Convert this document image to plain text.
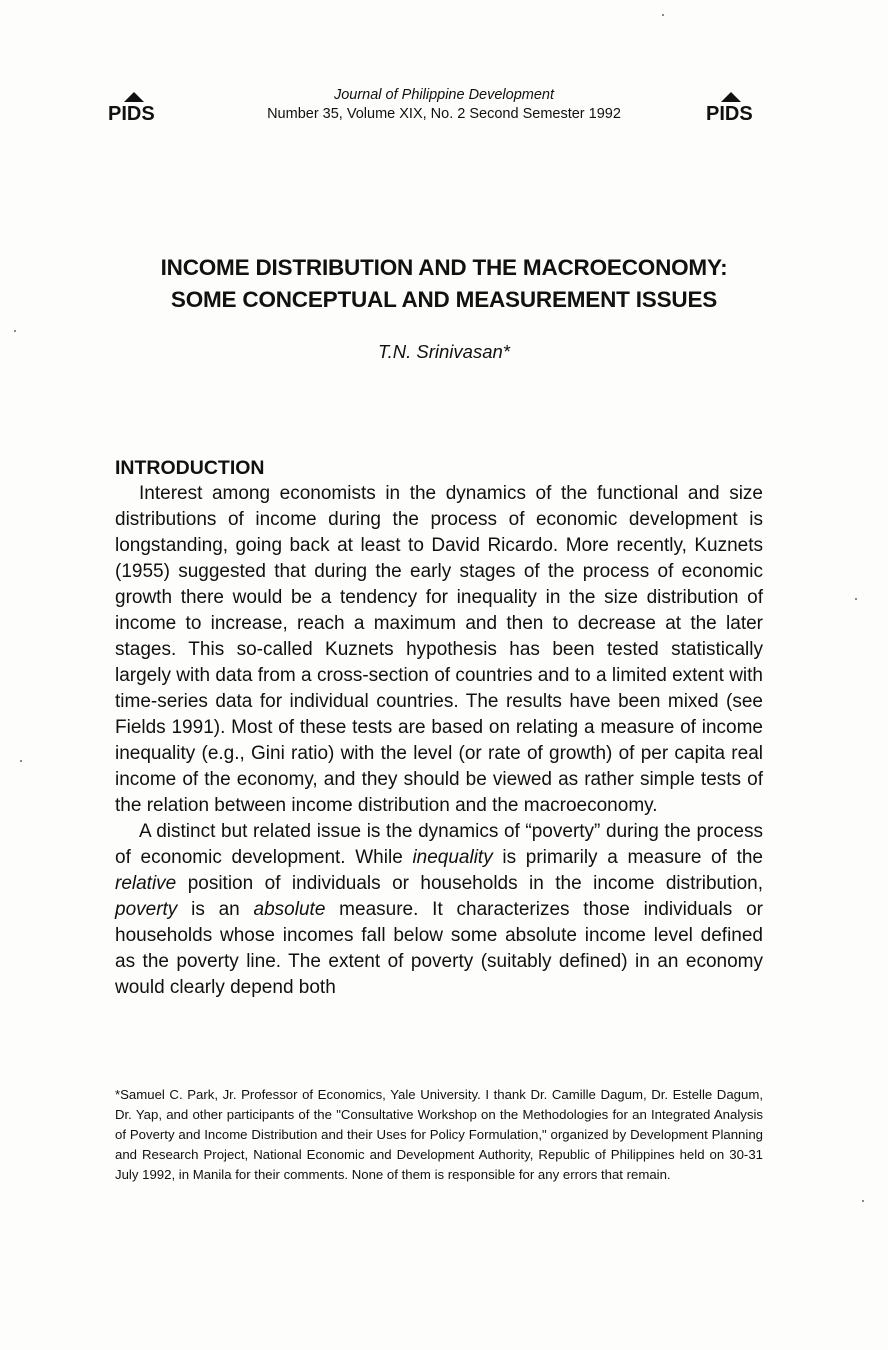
PIDS
Journal of Philippine Development
Number 35, Volume XIX, No. 2 Second Semester 1992	PIDS
INCOME DISTRIBUTION AND THE MACROECONOMY:
SOME CONCEPTUAL AND MEASUREMENT ISSUES
T.N. Srinivasan*
INTRODUCTION

Interest among economists in the dynamics of the functional and size distributions of income during the process of economic development is longstanding, going back at least to David Ricardo. More recently, Kuznets (1955) suggested that during the early stages of the process of economic growth there would be a tendency for inequality in the size distribution of income to increase, reach a maximum and then to decrease at the later stages. This so-called Kuznets hypothesis has been tested statistically largely with data from a cross-section of countries and to a limited extent with time-series data for individual countries. The results have been mixed (see Fields 1991). Most of these tests are based on relating a measure of income inequality (e.g., Gini ratio) with the level (or rate of growth) of per capita real income of the economy, and they should be viewed as rather simple tests of the relation between income distribution and the macroeconomy.

A distinct but related issue is the dynamics of “poverty” during the process of economic development. While inequality is primarily a measure of the relative position of individuals or households in the income distribution, poverty is an absolute measure. It characterizes those individuals or households whose incomes fall below some absolute income level defined as the poverty line. The extent of poverty (suitably defined) in an economy would clearly depend both

*Samuel C. Park, Jr. Professor of Economics, Yale University. I thank Dr. Camille Dagum, Dr. Estelle Dagum, Dr. Yap, and other participants of the "Consultative Workshop on the Methodologies for an Integrated Analysis of Poverty and Income Distribution and their Uses for Policy Formulation," organized by Development Planning and Research Project, National Economic and Development Authority, Republic of Philippines held on 30-31 July 1992, in Manila for their comments. None of them is responsible for any errors that remain.
